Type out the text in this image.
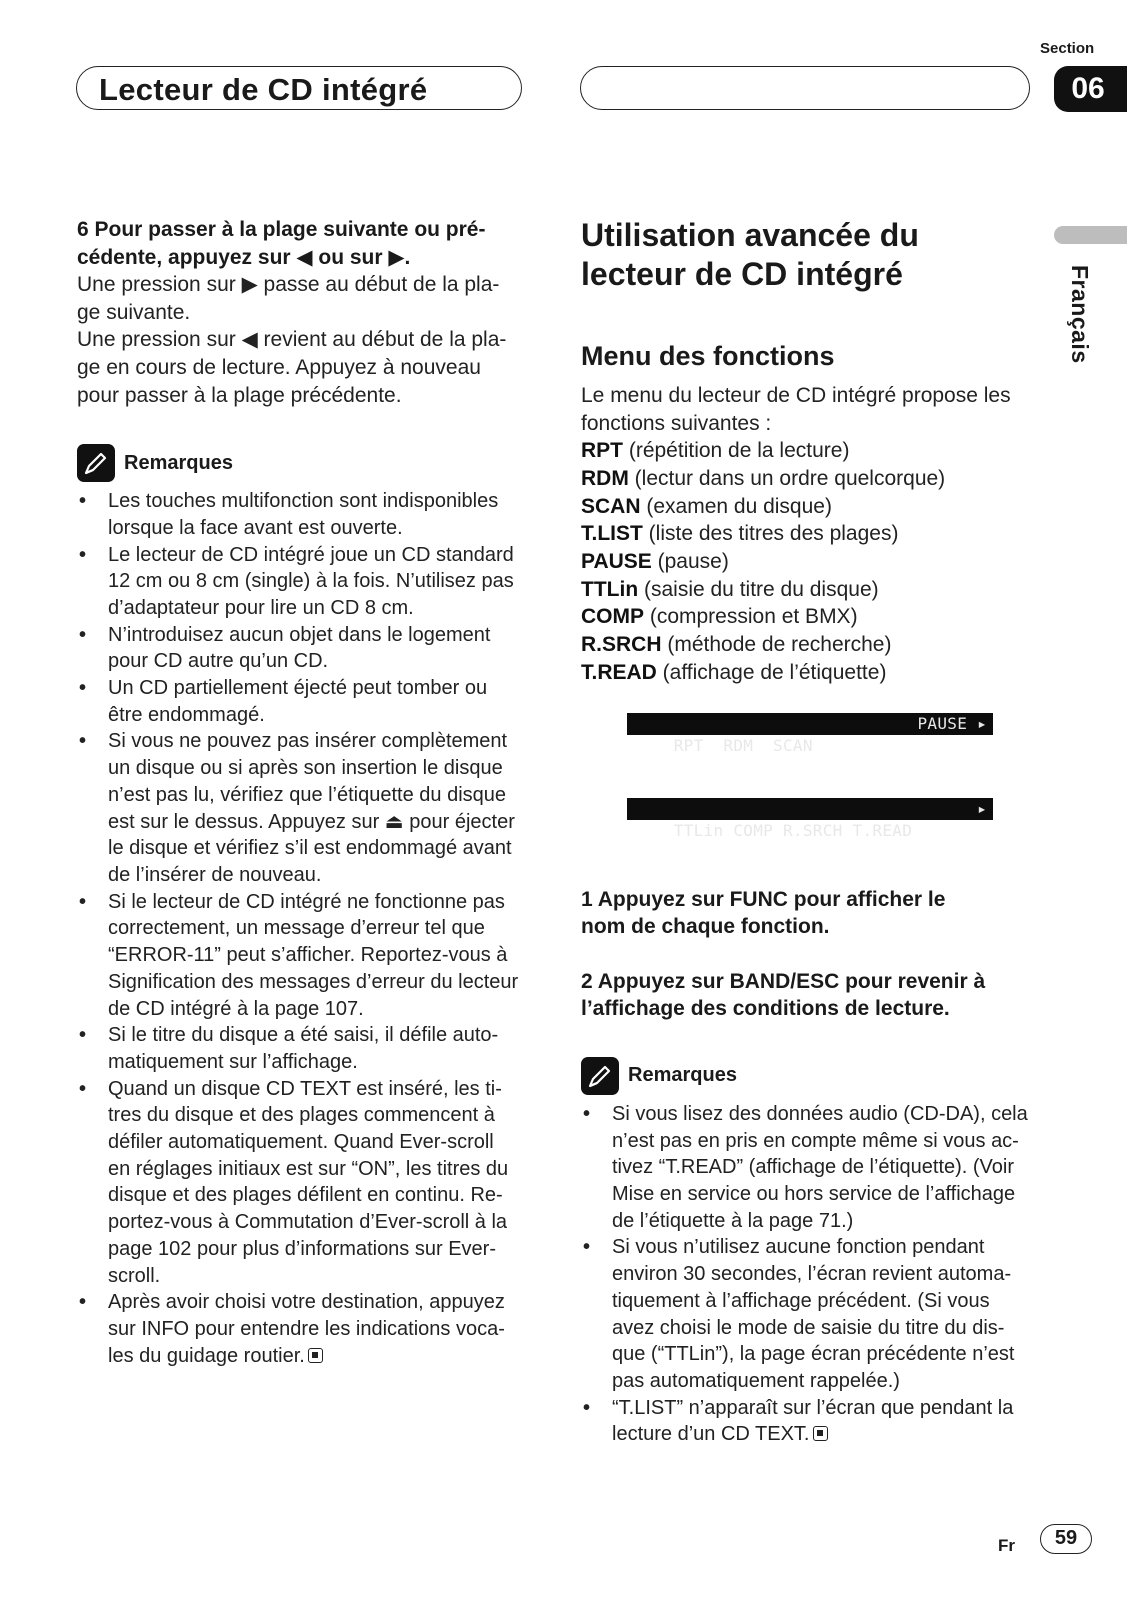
Section
Lecteur de CD intégré	06
Français

6 Pour passer à la plage suivante ou pré-
cédente, appuyez sur ◀ ou sur ▶.

Une pression sur ▶ passe au début de la pla-

ge suivante.

Une pression sur ◀ revient au début de la pla-

ge en cours de lecture. Appuyez à nouveau

pour passer à la plage précédente.

Remarques
• Les touches multifonction sont indisponibles
lorsque la face avant est ouverte.
• Le lecteur de CD intégré joue un CD standard
12 cm ou 8 cm (single) à la fois. N’utilisez pas
d’adaptateur pour lire un CD 8 cm.
• N’introduisez aucun objet dans le logement
pour CD autre qu’un CD.
• Un CD partiellement éjecté peut tomber ou
être endommagé.
• Si vous ne pouvez pas insérer complètement
un disque ou si après son insertion le disque
n’est pas lu, vérifiez que l’étiquette du disque
est sur le dessus. Appuyez sur ⏏ pour éjecter
le disque et vérifiez s’il est endommagé avant
de l’insérer de nouveau.
• Si le lecteur de CD intégré ne fonctionne pas
correctement, un message d’erreur tel que
“ERROR-11” peut s’afficher. Reportez-vous à
Signification des messages d’erreur du lecteur
de CD intégré à la page 107.
• Si le titre du disque a été saisi, il défile auto-
matiquement sur l’affichage.
• Quand un disque CD TEXT est inséré, les ti-
tres du disque et des plages commencent à
défiler automatiquement. Quand Ever-scroll
en réglages initiaux est sur “ON”, les titres du
disque et des plages défilent en continu. Re-
portez-vous à Commutation d’Ever-scroll à la
page 102 pour plus d’informations sur Ever-
scroll.
• Après avoir choisi votre destination, appuyez
sur INFO pour entendre les indications voca-
les du guidage routier.

Utilisation avancée du
lecteur de CD intégré

Menu des fonctions

Le menu du lecteur de CD intégré propose les

fonctions suivantes :

RPT (répétition de la lecture)

RDM (lectur dans un ordre quelcorque)

SCAN (examen du disque)

T.LIST (liste des titres des plages)

PAUSE (pause)

TTLin (saisie du titre du disque)

COMP (compression et BMX)

R.SRCH (méthode de recherche)

T.READ (affichage de l’étiquette)

RPT  RDM  SCAN

PAUSE ▸

TTLin COMP R.SRCH T.READ

▸

1 Appuyez sur FUNC pour afficher le
nom de chaque fonction.

2 Appuyez sur BAND/ESC pour revenir à
l’affichage des conditions de lecture.

Remarques
• Si vous lisez des données audio (CD-DA), cela
n’est pas en pris en compte même si vous ac-
tivez “T.READ” (affichage de l’étiquette). (Voir
Mise en service ou hors service de l’affichage
de l’étiquette à la page 71.)
• Si vous n’utilisez aucune fonction pendant
environ 30 secondes, l’écran revient automa-
tiquement à l’affichage précédent. (Si vous
avez choisi le mode de saisie du titre du dis-
que (“TTLin”), la page écran précédente n’est
pas automatiquement rappelée.)
• “T.LIST” n’apparaît sur l’écran que pendant la
lecture d’un CD TEXT.
Fr	59
